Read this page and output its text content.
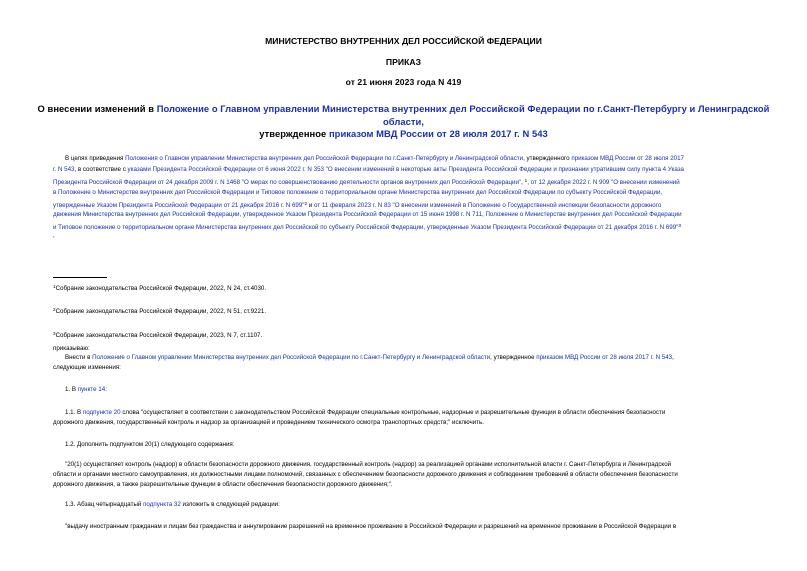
МИНИСТЕРСТВО ВНУТРЕННИХ ДЕЛ РОССИЙСКОЙ ФЕДЕРАЦИИ
ПРИКАЗ
от 21 июня 2023 года N 419
О внесении изменений в Положение о Главном управлении Министерства внутренних дел Российской Федерации по г.Санкт-Петербургу и Ленинградской области,
утвержденное приказом МВД России от 28 июля 2017 г. N 543
В целях приведения Положения о Главном управлении Министерства внутренних дел Российской Федерации по г.Санкт-Петербургу и Ленинградской области, утвержденного приказом МВД России от 28 июля 2017
г. N 543, в соответствие с указами Президента Российской Федерации от 6 июня 2022 г. N 353 "О внесении изменений в некоторые акты Президента Российской Федерации и признании утратившим силу пункта 4 Указа
Президента Российской Федерации от 24 декабря 2009 г. N 1468 "О мерах по совершенствованию деятельности органов внутренних дел Российской Федерации", $^1$, от 12 декабря 2022 г. N 909 "О внесении изменений
в Положение о Министерстве внутренних дел Российской Федерации и Типовое положение о территориальном органе Министерства внутренних дел Российской Федерации по субъекту Российской Федерации,
утвержденные Указом Президента Российской Федерации от 21 декабря 2016 г. N 699"$^2$ и от 11 февраля 2023 г. N 83 "О внесении изменений в Положение о Государственной инспекции безопасности дорожного
движения Министерства внутренних дел Российской Федерации, утвержденное Указом Президента Российской Федерации от 15 июня 1998 г. N 711, Положение о Министерстве внутренних дел Российской Федерации
и Типовое положение о территориальном органе Министерства внутренних дел Российской по субъекту Российской Федерации, утвержденные Указом Президента Российской Федерации от 21 декабря 2016 г. N 699"$^3$
,
$^1$Собрание законодательства Российской Федерации, 2022, N 24, ст.4030.
$^2$Собрание законодательства Российской Федерации, 2022, N 51, ст.9221.
$^3$Собрание законодательства Российской Федерации, 2023, N 7, ст.1107.
приказываю:
Внести в Положение о Главном управлении Министерства внутренних дел Российской Федерации по г.Санкт-Петербургу и Ленинградской области, утвержденное приказом МВД России от 28 июля 2017 г. N 543,
следующие изменения:
1. В пункте 14:
1.1. В подпункте 20 слова "осуществляет в соответствии с законодательством Российской Федерации специальные контрольные, надзорные и разрешительные функции в области обеспечения безопасности
дорожного движения, государственный контроль и надзор за организацией и проведением технического осмотра транспортных средств;" исключить.
1.2. Дополнить подпунктом 20(1) следующего содержания:
"20(1) осуществляет контроль (надзор) в области безопасности дорожного движения, государственный контроль (надзор) за реализацией органами исполнительной власти г. Санкт-Петербурга и Ленинградской
области и органами местного самоуправления, их должностными лицами полномочий, связанных с обеспечением безопасности дорожного движения и соблюдением требований в области обеспечения безопасности
дорожного движения, а также разрешительные функции в области обеспечения безопасности дорожного движения;".
1.3. Абзац четырнадцатый подпункта 32 изложить в следующей редакции:
"выдачу иностранным гражданам и лицам без гражданства и аннулирование разрешений на временное проживание в Российской Федерации и разрешений на временное проживание в Российской Федерации в
